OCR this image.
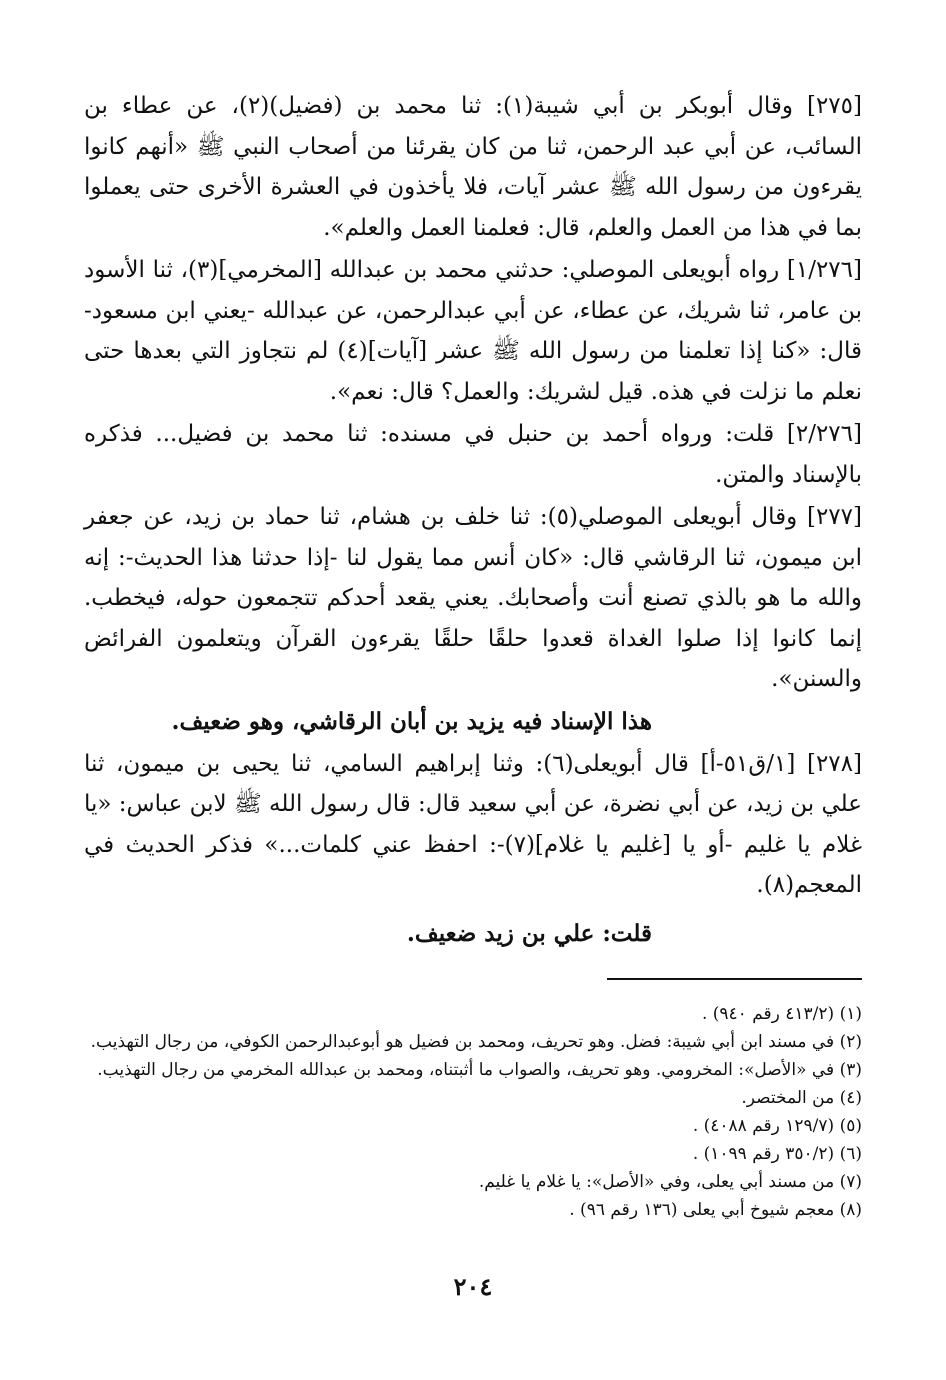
[٢٧٥] وقال أبوبكر بن أبي شيبة(١): ثنا محمد بن (فضيل)(٢)، عن عطاء بن السائب، عن أبي عبد الرحمن، ثنا من كان يقرئنا من أصحاب النبي ﷺ «أنهم كانوا يقرءون من رسول الله ﷺ عشر آيات، فلا يأخذون في العشرة الأخرى حتى يعملوا بما في هذا من العمل والعلم، قال: فعلمنا العمل والعلم».

[١/٢٧٦] رواه أبويعلى الموصلي: حدثني محمد بن عبدالله [المخرمي](٣)، ثنا الأسود بن عامر، ثنا شريك، عن عطاء، عن أبي عبدالرحمن، عن عبدالله -يعني ابن مسعود- قال: «كنا إذا تعلمنا من رسول الله ﷺ عشر [آيات](٤) لم نتجاوز التي بعدها حتى نعلم ما نزلت في هذه. قيل لشريك: والعمل؟ قال: نعم».

[٢/٢٧٦] قلت: ورواه أحمد بن حنبل في مسنده: ثنا محمد بن فضيل... فذكره بالإسناد والمتن.

[٢٧٧] وقال أبويعلى الموصلي(٥): ثنا خلف بن هشام، ثنا حماد بن زيد، عن جعفر ابن ميمون، ثنا الرقاشي قال: «كان أنس مما يقول لنا -إذا حدثنا هذا الحديث-: إنه والله ما هو بالذي تصنع أنت وأصحابك. يعني يقعد أحدكم تتجمعون حوله، فيخطب. إنما كانوا إذا صلوا الغداة قعدوا حلقًا حلقًا يقرءون القرآن ويتعلمون الفرائض والسنن».

هذا الإسناد فيه يزيد بن أبان الرقاشي، وهو ضعيف.

[٢٧٨] [١/ق٥١-أ] قال أبويعلى(٦): وثنا إبراهيم السامي، ثنا يحيى بن ميمون، ثنا علي بن زيد، عن أبي نضرة، عن أبي سعيد قال: قال رسول الله ﷺ لابن عباس: «يا غلام يا غليم -أو يا [غليم يا غلام](٧)-: احفظ عني كلمات...» فذكر الحديث في المعجم(٨).

قلت: علي بن زيد ضعيف.

(١) (٤١٣/٢ رقم ٩٤٠) .

(٢) في مسند ابن أبي شيبة: فضل. وهو تحريف، ومحمد بن فضيل هو أبوعبدالرحمن الكوفي، من رجال التهذيب.

(٣) في «الأصل»: المخرومي. وهو تحريف، والصواب ما أثبتناه، ومحمد بن عبدالله المخرمي من رجال التهذيب.

(٤) من المختصر.

(٥) (١٢٩/٧ رقم ٤٠٨٨) .

(٦) (٣٥٠/٢ رقم ١٠٩٩) .

(٧) من مسند أبي يعلى، وفي «الأصل»: يا غلام يا غليم.

(٨) معجم شيوخ أبي يعلى (١٣٦ رقم ٩٦) .

٢٠٤
